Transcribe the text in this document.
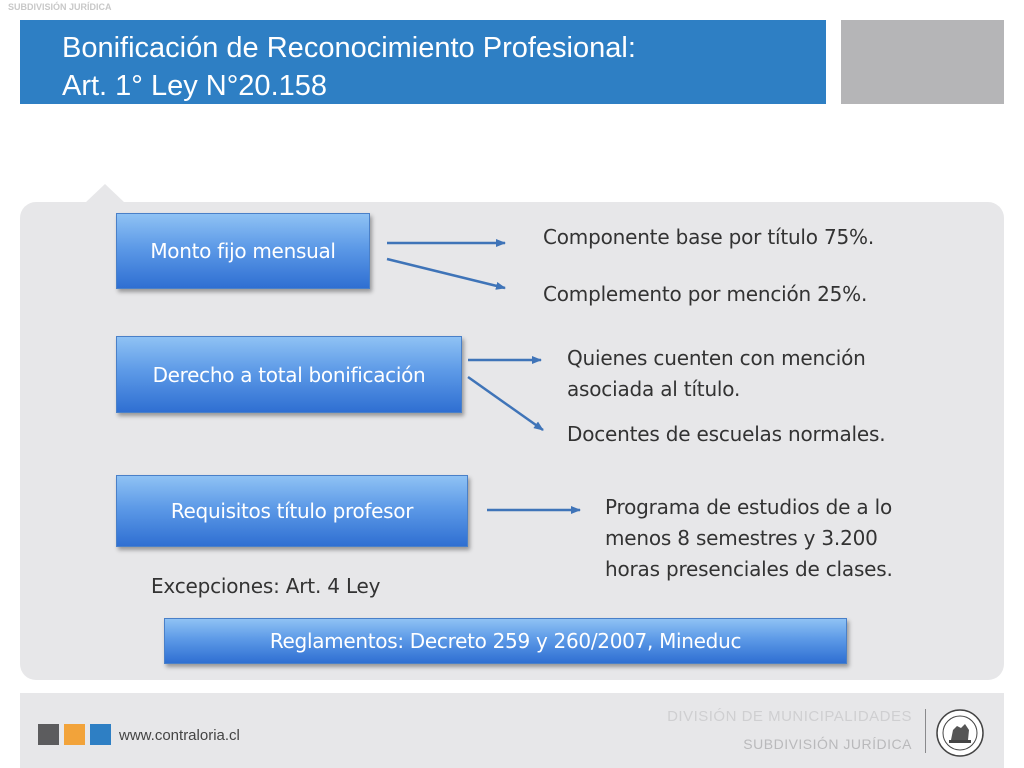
SUBDIVISIÓN JURÍDICA
Bonificación de Reconocimiento Profesional:
Art. 1° Ley N°20.158
Monto fijo mensual
Derecho a total bonificación
Requisitos título profesor
Reglamentos: Decreto 259 y 260/2007, Mineduc
Componente base por título 75%.
Complemento por mención 25%.
Quienes cuenten con mención
asociada al título.
Docentes de escuelas normales.
Programa de estudios de a lo
menos 8 semestres y 3.200
horas presenciales de clases.
Excepciones: Art. 4 Ley
www.contraloria.cl
DIVISIÓN DE MUNICIPALIDADES
SUBDIVISIÓN JURÍDICA
